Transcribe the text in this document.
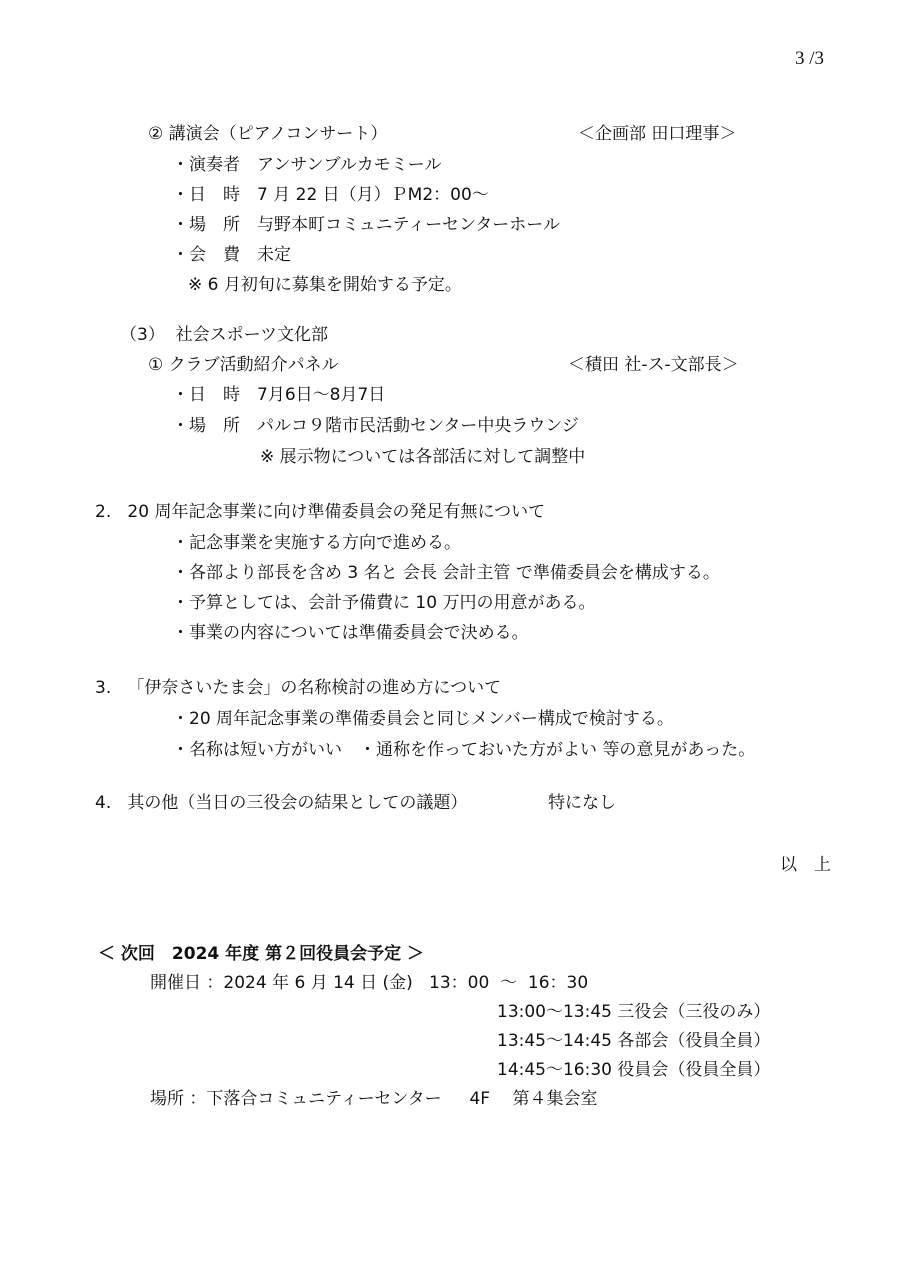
3 /3
② 講演会（ピアノコンサート）	＜企画部 田口理事＞
・演奏者　アンサンブルカモミール
・日　時　7 月 22 日（月）ＰM2：00～
・場　所　与野本町コミュニティーセンターホール
・会　費　未定
※ 6 月初旬に募集を開始する予定。
（3）  社会スポーツ文化部
① クラブ活動紹介パネル	＜積田 社-ス-文部長＞
・日　時　7月6日～8月7日
・場　所　パルコ９階市民活動センター中央ラウンジ
※ 展示物については各部活に対して調整中
2.   20 周年記念事業に向け準備委員会の発足有無について
・記念事業を実施する方向で進める。
・各部より部長を含め 3 名と 会長 会計主管 で準備委員会を構成する。
・予算としては、会計予備費に 10 万円の用意がある。
・事業の内容については準備委員会で決める。
3.   「伊奈さいたま会」の名称検討の進め方について
・20 周年記念事業の準備委員会と同じメンバー構成で検討する。
・名称は短い方がいい　・通称を作っておいた方がよい 等の意見があった。
4.   其の他（当日の三役会の結果としての議題）	特になし
以　上
＜ 次回　2024 年度 第２回役員会予定 ＞
開催日 ：2024 年 6 月 14 日 (金)   13：00  ～  16：30
13:00～13:45 三役会（三役のみ）
13:45～14:45 各部会（役員全員）
14:45～16:30 役員会（役員全員）
場所 ：下落合コミュニティーセンター　  4F　 第４集会室
